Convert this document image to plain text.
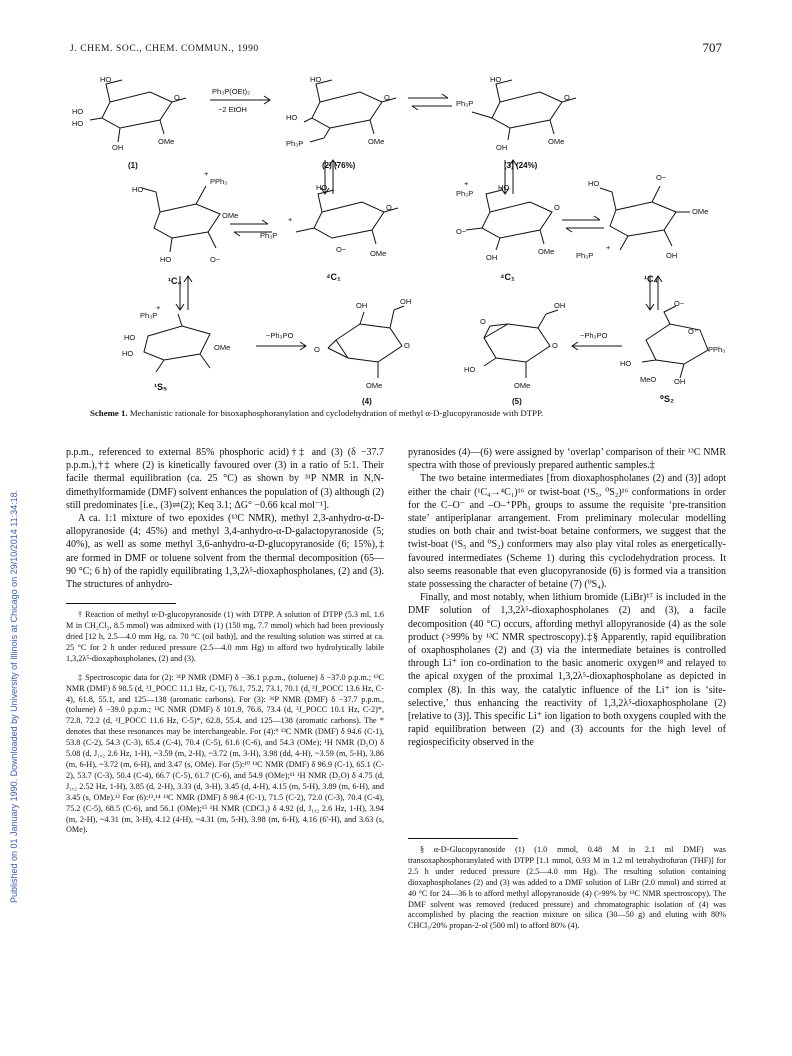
J. CHEM. SOC., CHEM. COMMUN., 1990	707
Published on 01 January 1990. Downloaded by University of Illinois at Chicago on 29/10/2014 11:34:18.
HO
O
HO
HO
OH
OMe
(1)
Ph₃P(OEt)₂
−2 EtOH
HO
O
HO
Ph₃P	OMe
(2) (76%)
HO
O
Ph₃P
OH
OMe
(3) (24%)
HO
+
PPh₃
OMe
HO	O−
¹C₄
HO
O
+
Ph₃P
O−	OMe
⁴C₁
Ph₃P
+	HO
O
O−
OH
OMe
⁴C₁
HO
O−
OMe
OH
Ph₃P
+
¹C₄
Ph₃P
+
HO
HO
OMe
¹S₅
−Ph₃PO
OH	OH
O	O
OMe
(4)
O
OH
HO
O
OMe
(5)
−Ph₃PO
O−
O⁺
PPh₃
HO
MeO OH
⁰S₂
Scheme 1. Mechanistic rationale for bisoxaphosphoranylation and cyclodehydration of methyl α-D-glucopyranoside with DTPP.

p.p.m., referenced to external 85% phosphoric acid)†‡ and (3) (δ −37.7 p.p.m.),†‡ where (2) is kinetically favoured over (3) in a ratio of 5:1. Their facile thermal equilibration (ca. 25 °C) as shown by ³¹P NMR in N,N-dimethylformamide (DMF) solvent enhances the population of (3) although (2) still predominates [i.e., (3)⇌(2); Keq 3.1; ΔG° −0.66 kcal mol⁻¹].

A ca. 1:1 mixture of two epoxides (¹³C NMR), methyl 2,3-anhydro-α-D-allopyranoside (4; 45%) and methyl 3,4-anhydro-α-D-galactopyranoside (5; 40%), as well as some methyl 3,6-anhydro-α-D-glucopyranoside (6; 15%),‡ are formed in DMF or toluene solvent from the thermal decomposition (65—90 °C; 6 h) of the rapidly equilibrating 1,3,2λ⁵-dioxaphospholanes, (2) and (3). The structures of anhydro-

† Reaction of methyl α-D-glucopyranoside (1) with DTPP. A solution of DTPP (5.3 ml, 1.6 M in CH₂Cl₂, 8.5 mmol) was admixed with (1) (150 mg, 7.7 mmol) which had been previously dried [12 h, 2.5—4.0 mm Hg, ca. 70 °C (oil bath)], and the resulting solution was stirred at ca. 25 °C for 2 h under reduced pressure (2.5—4.0 mm Hg) to afford two hydrolytically labile 1,3,2λ⁵-dioxaphospholanes, (2) and (3).

‡ Spectroscopic data for (2): ³¹P NMR (DMF) δ −36.1 p.p.m., (toluene) δ −37.0 p.p.m.; ¹³C NMR (DMF) δ 98.5 (d, ³J_POCC 11.1 Hz, C-1), 76.1, 75.2, 73.1, 70.1 (d, ³J_POCC 13.6 Hz, C-4), 61.8, 55.1, and 125—138 (aromatic carbons). For (3): ³¹P NMR (DMF) δ −37.7 p.p.m., (toluene) δ −39.0 p.p.m.; ¹³C NMR (DMF) δ 101.9, 76.6, 73.4 (d, ³J_POCC 10.1 Hz, C-2)*, 72.8, 72.2 (d, ³J_POCC 11.6 Hz, C-5)*, 62.8, 55.4, and 125—138 (aromatic carbons). The * denotes that these resonances may be interchangeable. For (4):⁹ ¹³C NMR (DMF) δ 94.6 (C-1), 53.8 (C-2), 54.3 (C-3), 65.4 (C-4), 70.4 (C-5), 61.6 (C-6), and 54.3 (OMe); ¹H NMR (D₂O) δ 5.08 (d, J₁,₂ 2.6 Hz, 1-H), ~3.59 (m, 2-H), ~3.72 (m, 3-H), 3.98 (dd, 4-H), ~3.59 (m, 5-H), 3.86 (m, 6-H), ~3.72 (m, 6-H), and 3.47 (s, OMe). For (5):¹⁰ ¹³C NMR (DMF) δ 96.9 (C-1), 65.1 (C-2), 53.7 (C-3), 50.4 (C-4), 66.7 (C-5), 61.7 (C-6), and 54.9 (OMe);¹¹ ¹H NMR (D₂O) δ 4.75 (d, J₁,₂ 2.52 Hz, 1-H), 3.85 (d, 2-H), 3.33 (d, 3-H), 3.45 (d, 4-H), 4.15 (m, 5-H), 3.89 (m, 6-H), and 3.45 (s, OMe).¹² For (6):¹³,¹⁴ ¹³C NMR (DMF) δ 98.4 (C-1), 71.5 (C-2), 72.0 (C-3), 70.4 (C-4), 75.2 (C-5), 68.5 (C-6), and 56.1 (OMe);¹⁵ ¹H NMR (CDCl₃) δ 4.92 (d, J₁,₂ 2.6 Hz, 1-H), 3.94 (m, 2-H), ~4.31 (m, 3-H), 4.12 (4-H), ~4.31 (m, 5-H), 3.98 (m, 6-H), 4.16 (6′-H), and 3.63 (s, OMe).

pyranosides (4)—(6) were assigned by ‘overlap’ comparison of their ¹³C NMR spectra with those of previously prepared authentic samples.‡

The two betaine intermediates [from dioxaphospholanes (2) and (3)] adopt either the chair (¹C₄→⁴C₁)¹⁶ or twist-boat (¹S₅, ⁰S₂)¹⁶ conformations in order for the C–O⁻ and –O–⁺PPh₃ groups to assume the requisite ‘pre-transition state’ antiperiplanar arrangement. From preliminary molecular modelling studies on both chair and twist-boat betaine conformers, we suggest that the twist-boat (¹S₅ and ⁰S₂) conformers may also play vital roles as energetically-favoured intermediates (Scheme 1) during this cyclodehydration process. It also seems reasonable that even glucopyranoside (6) is formed via a transition state possessing the character of betaine (7) (⁰S₄).

Finally, and most notably, when lithium bromide (LiBr)¹⁷ is included in the DMF solution of 1,3,2λ⁵-dioxaphospholanes (2) and (3), a facile decomposition (40 °C) occurs, affording methyl allopyranoside (4) as the sole product (>99% by ¹³C NMR spectroscopy).‡§ Apparently, rapid equilibration of oxaphospholanes (2) and (3) via the intermediate betaines is controlled through Li⁺ ion co-ordination to the basic anomeric oxygen¹⁸ and relayed to the apical oxygen of the proximal 1,3,2λ⁵-dioxaphospholane as depicted in complex (8). In this way, the catalytic influence of the Li⁺ ion is ‘site-selective,’ thus enhancing the reactivity of 1,3,2λ⁵-dioxaphospholane (2) [relative to (3)]. This specific Li⁺ ion ligation to both oxygens coupled with the rapid equilibration between (2) and (3) accounts for the high level of regiospecificity observed in the

§ α-D-Glucopyranoside (1) (1.0 mmol, 0.48 M in 2.1 ml DMF) was transoxaphosphoranylated with DTPP [1.1 mmol, 0.93 M in 1.2 ml tetrahydrofuran (THF)] for 2.5 h under reduced pressure (2.5—4.0 mm Hg). The resulting solution containing dioxaphospholanes (2) and (3) was added to a DMF solution of LiBr (2.0 mmol) and stirred at 40 °C for 24—36 h to afford methyl allopyranoside (4) (>99% by ¹³C NMR spectroscopy). The DMF solvent was removed (reduced pressure) and chromatographic isolation of (4) was accomplished by placing the reaction mixture on silica (30—50 g) and eluting with 80% CHCl₃/20% propan-2-ol (500 ml) to afford 80% (4).
